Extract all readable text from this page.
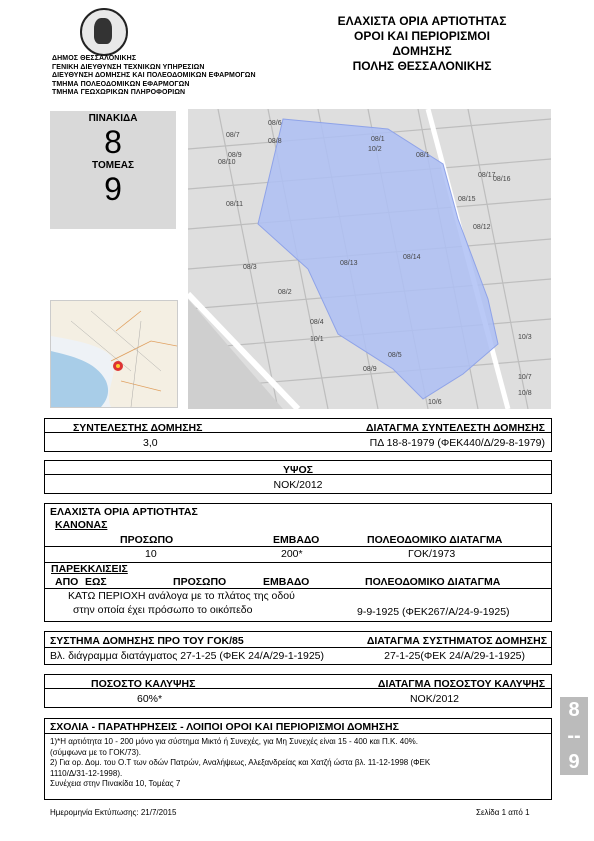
ΔΗΜΟΣ ΘΕΣΣΑΛΟΝΙΚΗΣ
ΓΕΝΙΚΗ ΔΙΕΥΘΥΝΣΗ ΤΕΧΝΙΚΩΝ ΥΠΗΡΕΣΙΩΝ
ΔΙΕΥΘΥΝΣΗ ΔΟΜΗΣΗΣ ΚΑΙ ΠΟΛΕΟΔΟΜΙΚΩΝ ΕΦΑΡΜΟΓΩΝ
ΤΜΗΜΑ ΠΟΛΕΟΔΟΜΙΚΩΝ ΕΦΑΡΜΟΓΩΝ
ΤΜΗΜΑ ΓΕΩΧΩΡΙΚΩΝ ΠΛΗΡΟΦΟΡΙΩΝ
ΕΛΑΧΙΣΤΑ ΟΡΙΑ ΑΡΤΙΟΤΗΤΑΣ
ΟΡΟΙ ΚΑΙ ΠΕΡΙΟΡΙΣΜΟΙ
ΔΟΜΗΣΗΣ
ΠΟΛΗΣ ΘΕΣΣΑΛΟΝΙΚΗΣ
ΠΙΝΑΚΙΔΑ
8
ΤΟΜΕΑΣ
9
08/6
08/7
08/8
08/9
08/10
08/11
08/13
08/14
08/15
08/12
08/17
08/1
08/1
08/2
08/3
08/4
08/5
08/9
10/1
10/2
10/3
10/6
10/7
10/8
08/16
ΣΥΝΤΕΛΕΣΤΗΣ ΔΟΜΗΣΗΣ	ΔΙΑΤΑΓΜΑ ΣΥΝΤΕΛΕΣΤΗ ΔΟΜΗΣΗΣ
3,0	ΠΔ 18-8-1979 (ΦΕΚ440/Δ/29-8-1979)
ΥΨΟΣ
ΝΟΚ/2012
ΕΛΑΧΙΣΤΑ ΟΡΙΑ ΑΡΤΙΟΤΗΤΑΣ
ΚΑΝΟΝΑΣ
ΠΡΟΣΩΠΟ	ΕΜΒΑΔΟ	ΠΟΛΕΟΔΟΜΙΚΟ ΔΙΑΤΑΓΜΑ
10	200*	ΓΟΚ/1973
ΠΑΡΕΚΚΛΙΣΕΙΣ
ΑΠΟ ΕΩΣ	ΠΡΟΣΩΠΟ	ΕΜΒΑΔΟ	ΠΟΛΕΟΔΟΜΙΚΟ ΔΙΑΤΑΓΜΑ
ΚΑΤΩ ΠΕΡΙΟΧΗ ανάλογα με το πλάτος της οδού
στην οποία έχει πρόσωπο το οικόπεδο	9-9-1925 (ΦΕΚ267/Α/24-9-1925)
ΣΥΣΤΗΜΑ ΔΟΜΗΣΗΣ ΠΡΟ ΤΟΥ ΓΟΚ/85	ΔΙΑΤΑΓΜΑ ΣΥΣΤΗΜΑΤΟΣ ΔΟΜΗΣΗΣ
Βλ. διάγραμμα διατάγματος 27-1-25 (ΦΕΚ 24/Α/29-1-1925)	27-1-25(ΦΕΚ 24/Α/29-1-1925)
ΠΟΣΟΣΤΟ ΚΑΛΥΨΗΣ	ΔΙΑΤΑΓΜΑ ΠΟΣΟΣΤΟΥ ΚΑΛΥΨΗΣ
60%*	ΝΟΚ/2012
ΣΧΟΛΙΑ - ΠΑΡΑΤΗΡΗΣΕΙΣ - ΛΟΙΠΟΙ ΟΡΟΙ ΚΑΙ ΠΕΡΙΟΡΙΣΜΟΙ ΔΟΜΗΣΗΣ
1)*Η αρτιότητα 10 - 200 μόνο για σύστημα Μικτό ή Συνεχές, για Μη Συνεχές είναι 15 - 400 και Π.Κ. 40%.
(σύμφωνα με το ΓΟΚ/73).
2) Για ορ. Δομ. του Ο.Τ των οδών Πατρών, Αναλήψεως, Αλεξανδρείας και Χατζή ώστα βλ. 11-12-1998 (ΦΕΚ
1110/Δ/31-12-1998).
Συνέχεια στην Πινακίδα 10, Τομέας 7
8
--
9
Ημερομηνία Εκτύπωσης: 21/7/2015	Σελίδα 1 από 1
